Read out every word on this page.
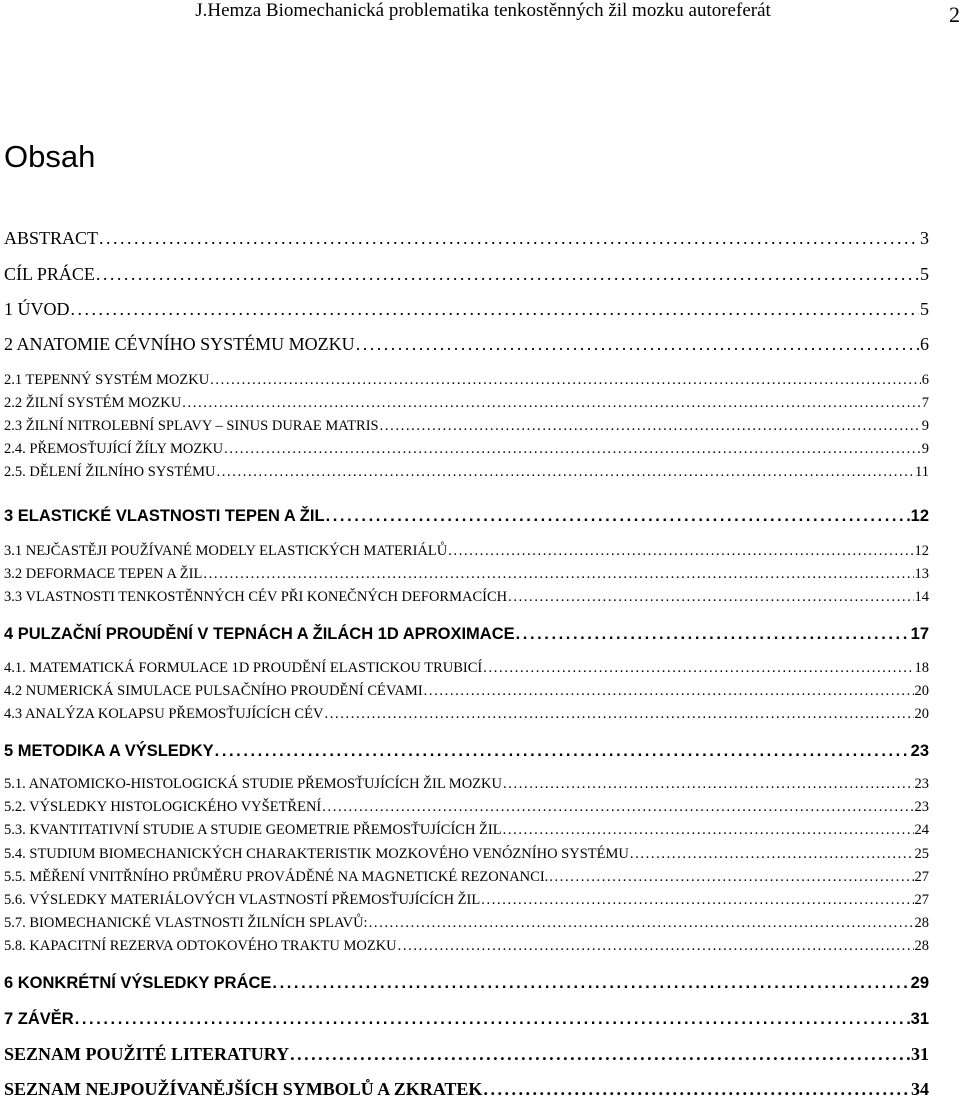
J.Hemza Biomechanická problematika tenkostěnných žil mozku autoreferát	2
Obsah
ABSTRACT . . .	3
CÍL PRÁCE . . .	5
1 ÚVOD . . .	5
2 ANATOMIE CÉVNÍHO SYSTÉMU MOZKU . . .	6
2.1 TEPENNÝ SYSTÉM MOZKU . . .	6
2.2 ŽILNÍ SYSTÉM MOZKU . . .	7
2.3 ŽILNÍ NITROLEBNÍ SPLAVY – SINUS DURAE MATRIS . . .	9
2.4. PŘEMOSŤUJÍCÍ ŽÍLY MOZKU . . .	9
2.5. DĚLENÍ ŽILNÍHO SYSTÉMU . . .	11
3 ELASTICKÉ VLASTNOSTI TEPEN A ŽIL . . .	12
3.1 NEJČASTĚJI POUŽÍVANÉ MODELY ELASTICKÝCH MATERIÁLŮ . . .	12
3.2 DEFORMACE TEPEN A ŽIL . . .	13
3.3 VLASTNOSTI TENKOSTĚNNÝCH CÉV PŘI KONEČNÝCH DEFORMACÍCH . . .	14
4 PULZAČNÍ PROUDĚNÍ V TEPNÁCH A ŽILÁCH 1D APROXIMACE . . .	17
4.1. MATEMATICKÁ FORMULACE 1D PROUDĚNÍ ELASTICKOU TRUBICÍ . . .	18
4.2 NUMERICKÁ SIMULACE PULSAČNÍHO PROUDĚNÍ CÉVAMI . . .	20
4.3 ANALÝZA KOLAPSU PŘEMOSŤUJÍCÍCH CÉV . . .	20
5 METODIKA A VÝSLEDKY . . .	23
5.1. ANATOMICKO-HISTOLOGICKÁ STUDIE PŘEMOSŤUJÍCÍCH ŽIL MOZKU . . .	23
5.2. VÝSLEDKY HISTOLOGICKÉHO VYŠETŘENÍ . . .	23
5.3. KVANTITATIVNÍ STUDIE A STUDIE GEOMETRIE PŘEMOSŤUJÍCÍCH ŽIL . . .	24
5.4. STUDIUM BIOMECHANICKÝCH CHARAKTERISTIK MOZKOVÉHO VENÓZNÍHO SYSTÉMU . . .	25
5.5. MĚŘENÍ VNITŘNÍHO PRŮMĚRU PROVÁDĚNÉ NA MAGNETICKÉ REZONANCI. . . .	27
5.6. VÝSLEDKY MATERIÁLOVÝCH VLASTNOSTÍ PŘEMOSŤUJÍCÍCH ŽIL . . .	27
5.7. BIOMECHANICKÉ VLASTNOSTI ŽILNÍCH SPLAVŮ: . . .	28
5.8. KAPACITNÍ REZERVA ODTOKOVÉHO TRAKTU MOZKU . . .	28
6 KONKRÉTNÍ VÝSLEDKY PRÁCE . . .	29
7 ZÁVĚR . . .	31
SEZNAM POUŽITÉ LITERATURY . . .	31
SEZNAM NEJPOUŽÍVANĚJŠÍCH SYMBOLŮ A ZKRATEK . . .	34
